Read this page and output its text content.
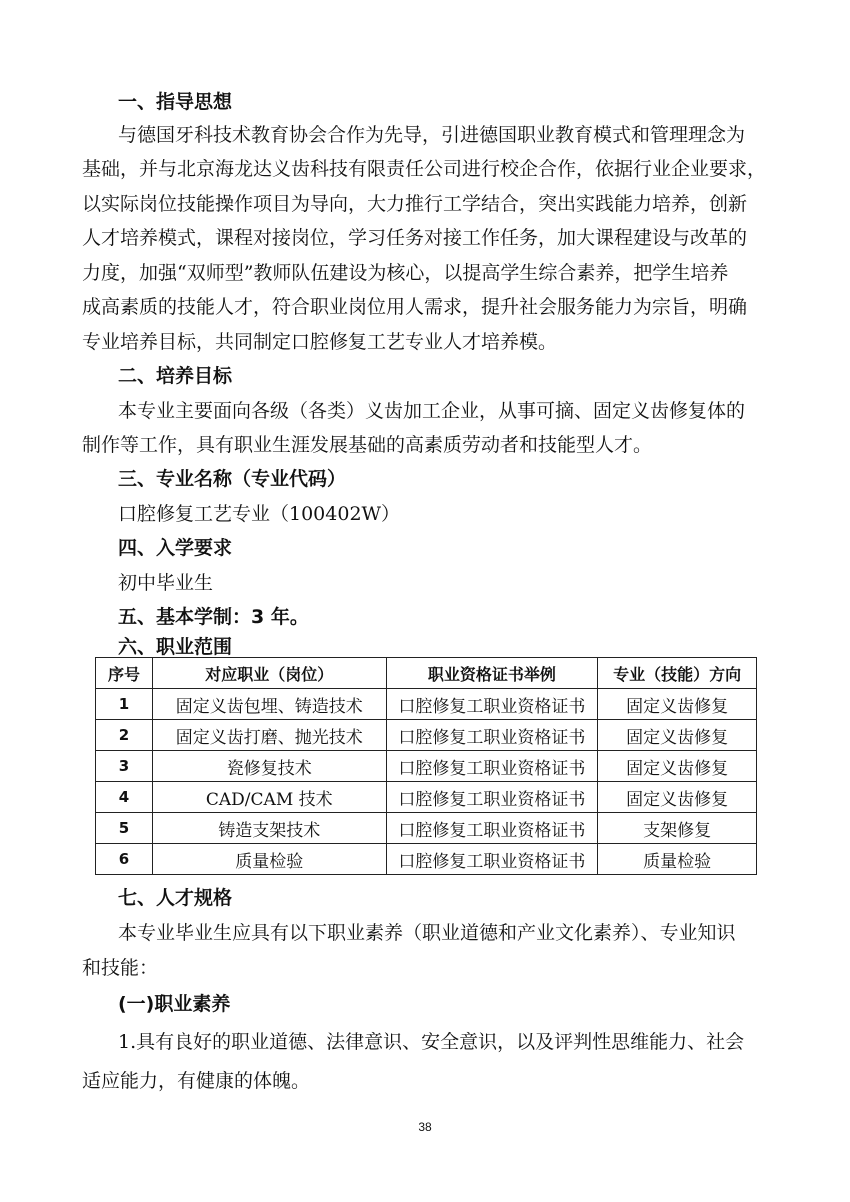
一、指导思想
与德国牙科技术教育协会合作为先导，引进德国职业教育模式和管理理念为
基础，并与北京海龙达义齿科技有限责任公司进行校企合作，依据行业企业要求，
以实际岗位技能操作项目为导向，大力推行工学结合，突出实践能力培养，创新
人才培养模式，课程对接岗位，学习任务对接工作任务，加大课程建设与改革的
力度，加强“双师型”教师队伍建设为核心，以提高学生综合素养，把学生培养
成高素质的技能人才，符合职业岗位用人需求，提升社会服务能力为宗旨，明确
专业培养目标，共同制定口腔修复工艺专业人才培养模。
二、培养目标
本专业主要面向各级（各类）义齿加工企业，从事可摘、固定义齿修复体的
制作等工作，具有职业生涯发展基础的高素质劳动者和技能型人才。
三、专业名称（专业代码）
口腔修复工艺专业（100402W）
四、入学要求
初中毕业生
五、基本学制：3 年。
六、职业范围
序号	对应职业（岗位）	职业资格证书举例	专业（技能）方向
1	固定义齿包埋、铸造技术	口腔修复工职业资格证书	固定义齿修复
2	固定义齿打磨、抛光技术	口腔修复工职业资格证书	固定义齿修复
3	瓷修复技术	口腔修复工职业资格证书	固定义齿修复
4	CAD/CAM 技术	口腔修复工职业资格证书	固定义齿修复
5	铸造支架技术	口腔修复工职业资格证书	支架修复
6	质量检验	口腔修复工职业资格证书	质量检验
七、人才规格
本专业毕业生应具有以下职业素养（职业道德和产业文化素养）、专业知识
和技能：
(一)职业素养
1.具有良好的职业道德、法律意识、安全意识，以及评判性思维能力、社会
适应能力，有健康的体魄。
38
